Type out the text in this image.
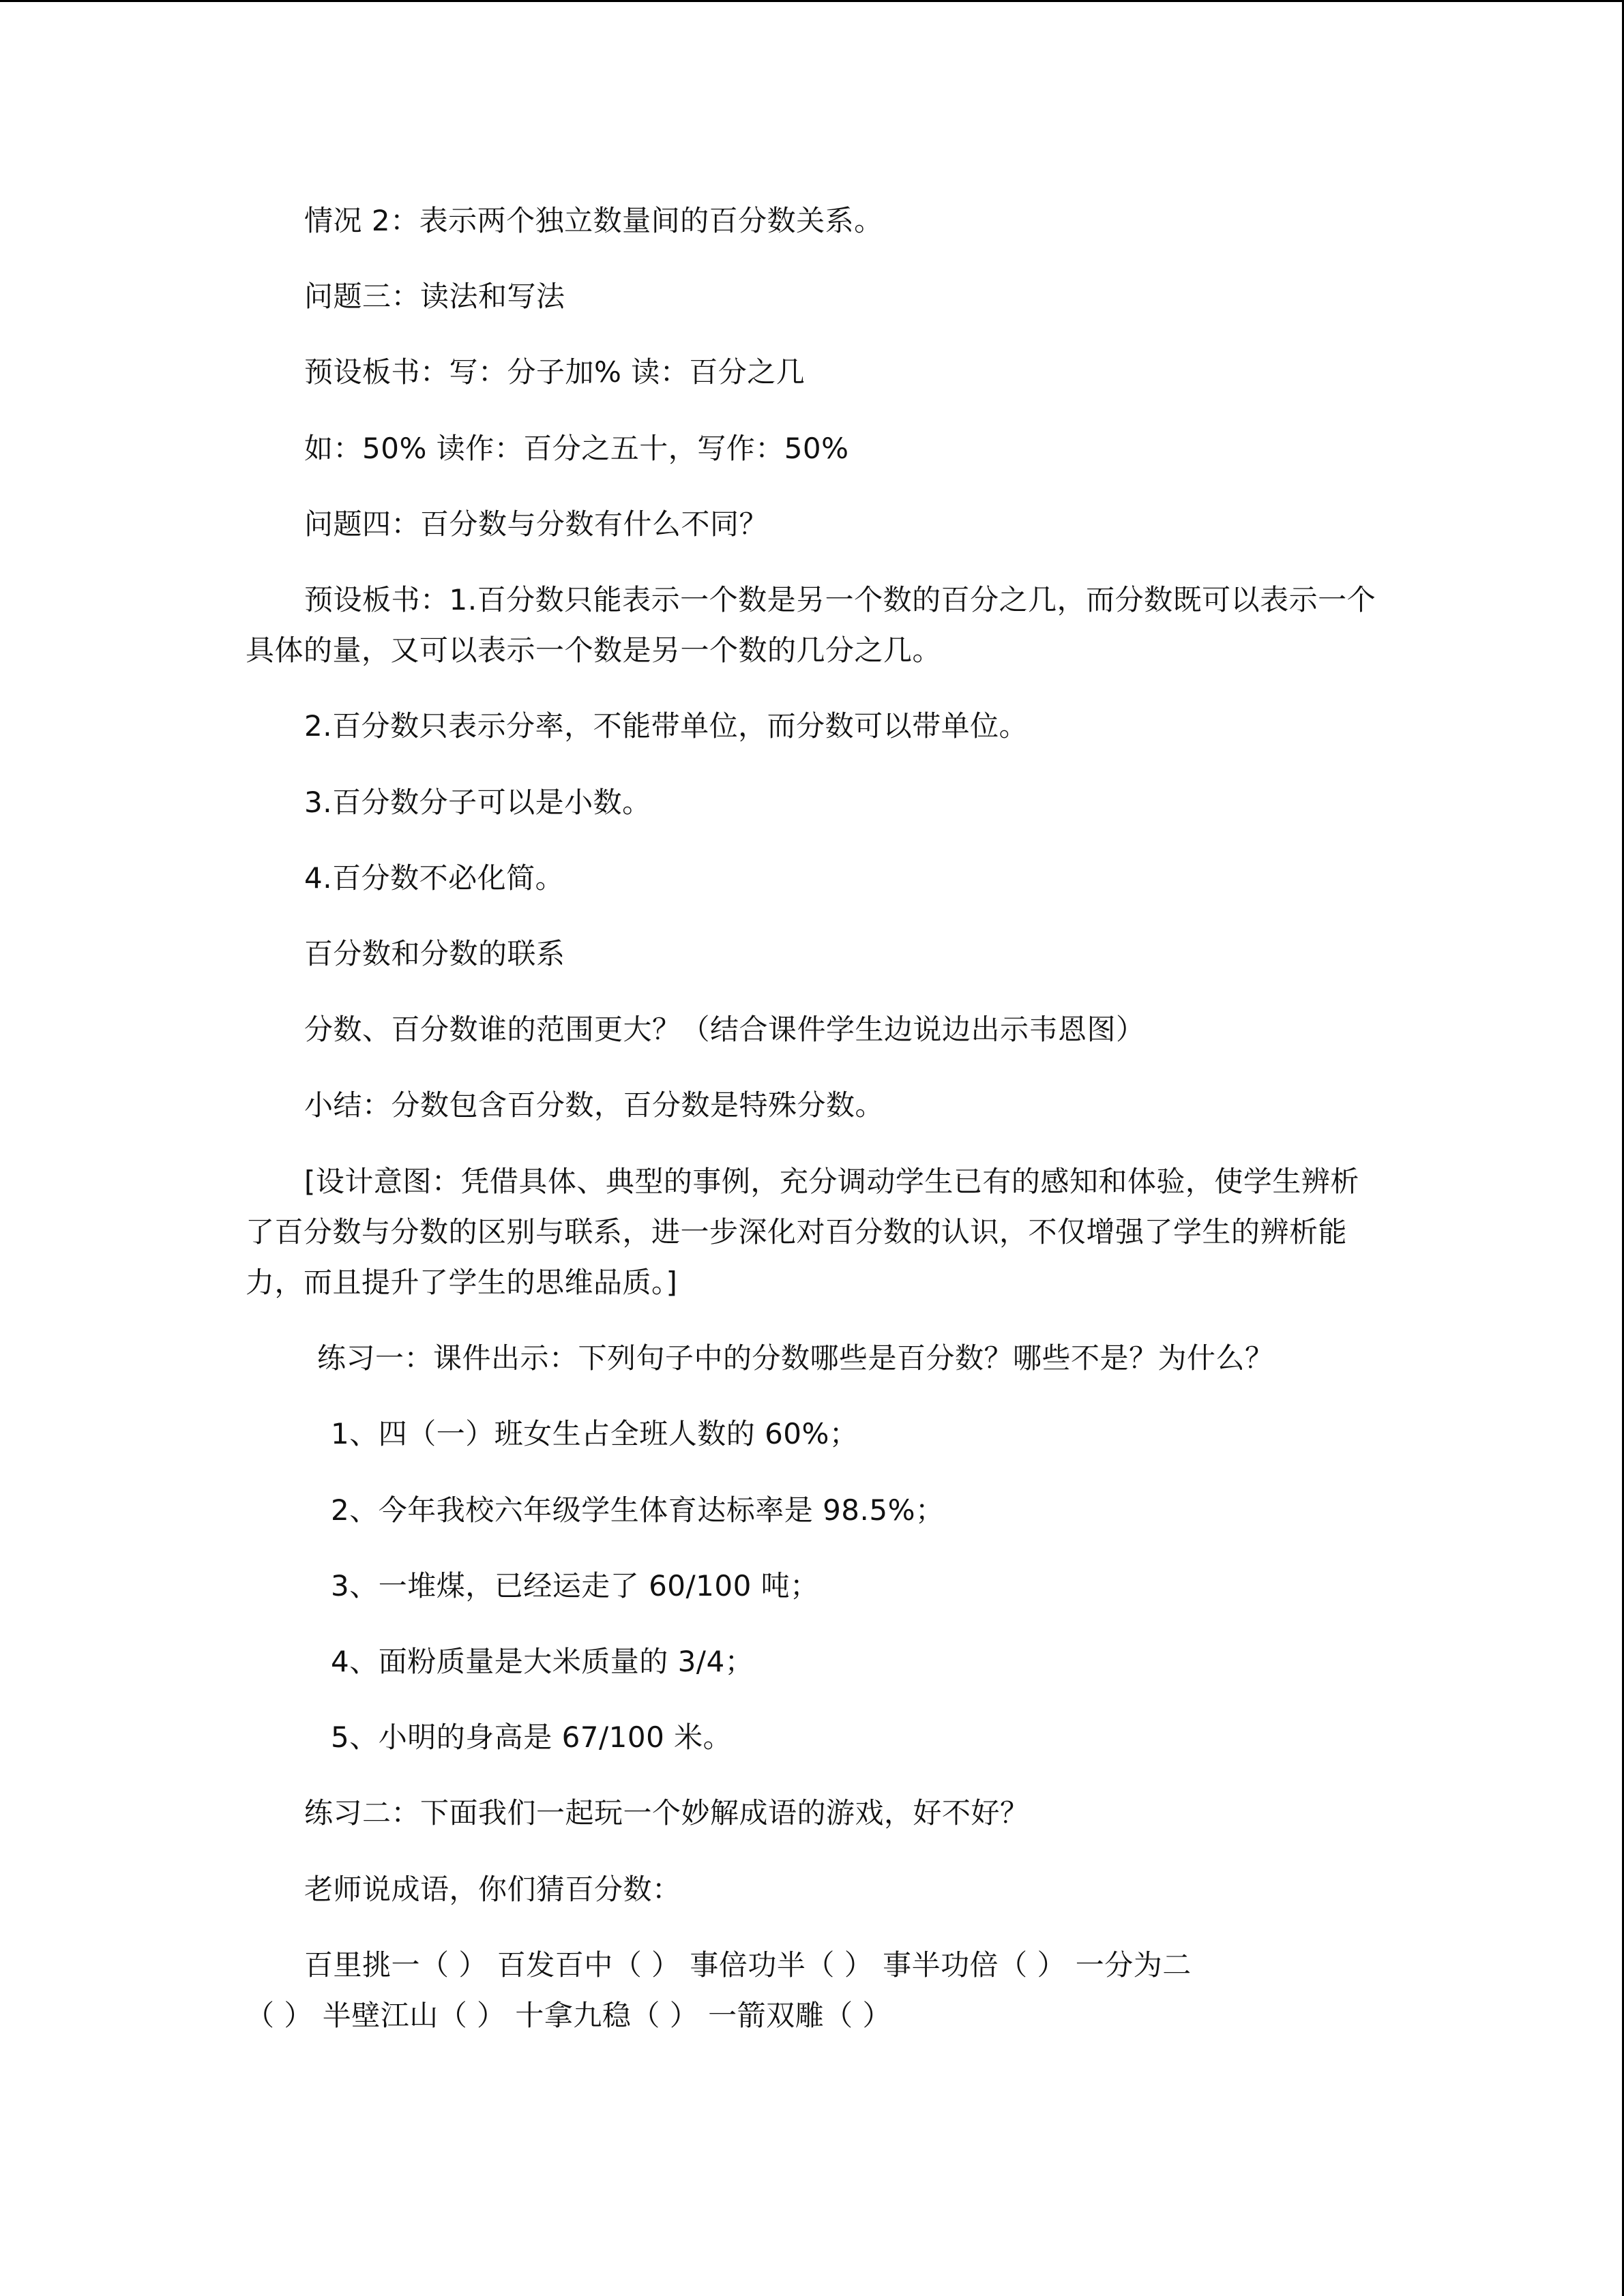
情况 2：表示两个独立数量间的百分数关系。
问题三：读法和写法
预设板书：写：分子加% 读：百分之几
如：50% 读作：百分之五十，写作：50%
问题四：百分数与分数有什么不同？
预设板书：1.百分数只能表示一个数是另一个数的百分之几，而分数既可以表示一个
具体的量，又可以表示一个数是另一个数的几分之几。
2.百分数只表示分率，不能带单位，而分数可以带单位。
3.百分数分子可以是小数。
4.百分数不必化简。
百分数和分数的联系
分数、百分数谁的范围更大？（结合课件学生边说边出示韦恩图）
小结：分数包含百分数，百分数是特殊分数。
[设计意图：凭借具体、典型的事例，充分调动学生已有的感知和体验，使学生辨析
了百分数与分数的区别与联系，进一步深化对百分数的认识，不仅增强了学生的辨析能
力，而且提升了学生的思维品质。]
练习一：课件出示：下列句子中的分数哪些是百分数？哪些不是？为什么？
1、四（一）班女生占全班人数的 60%；
2、今年我校六年级学生体育达标率是 98.5%；
3、一堆煤，已经运走了 60/100 吨；
4、面粉质量是大米质量的 3/4；
5、小明的身高是 67/100 米。
练习二：下面我们一起玩一个妙解成语的游戏，好不好？
老师说成语，你们猜百分数：
百里挑一（ ） 百发百中（ ） 事倍功半（ ） 事半功倍（ ） 一分为二
（ ） 半壁江山（ ） 十拿九稳（ ） 一箭双雕（ ）
